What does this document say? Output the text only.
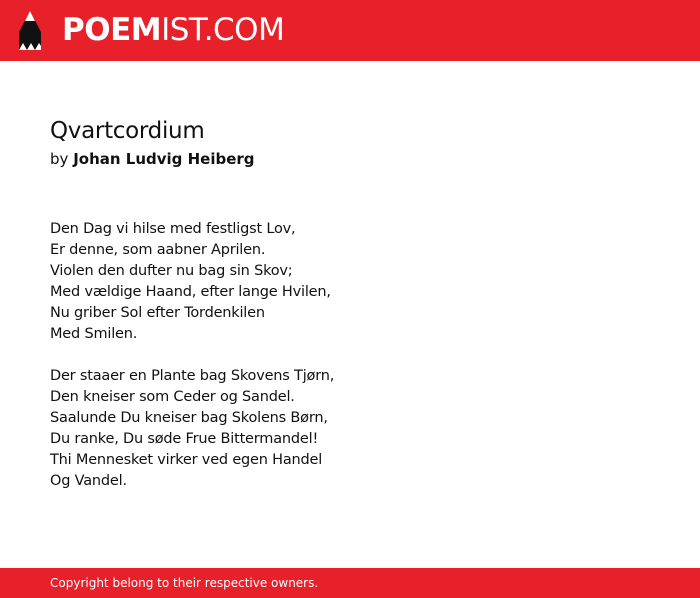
POEMIST.COM
Qvartcordium
by Johan Ludvig Heiberg
Den Dag vi hilse med festligst Lov,
Er denne, som aabner Aprilen.
Violen den dufter nu bag sin Skov;
Med vældige Haand, efter lange Hvilen,
Nu griber Sol efter Tordenkilen
Med Smilen.
Der staaer en Plante bag Skovens Tjørn,
Den kneiser som Ceder og Sandel.
Saalunde Du kneiser bag Skolens Børn,
Du ranke, Du søde Frue Bittermandel!
Thi Mennesket virker ved egen Handel
Og Vandel.
Copyright belong to their respective owners.
